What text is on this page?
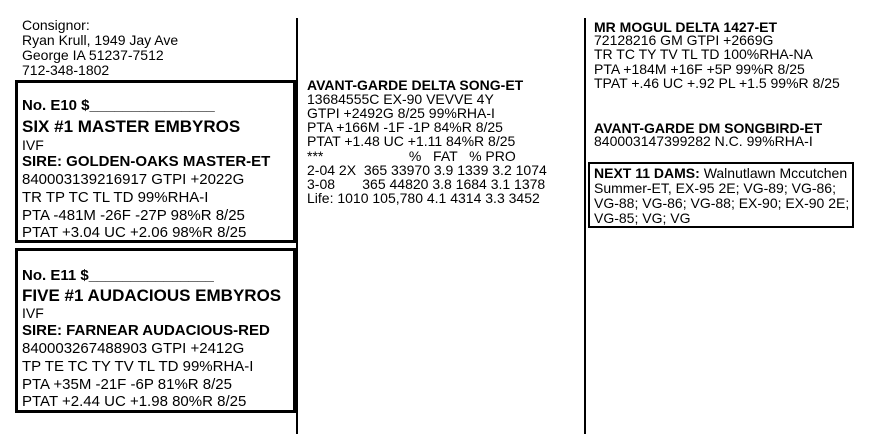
Consignor:
Ryan Krull, 1949 Jay Ave
George IA 51237-7512
712-348-1802
No. E10 $_______________
SIX #1 MASTER EMBYROS
IVF
SIRE: GOLDEN-OAKS MASTER-ET
840003139216917 GTPI +2022G
TR TP TC TL TD 99%RHA-I
PTA -481M -26F -27P 98%R 8/25
PTAT +3.04 UC +2.06 98%R 8/25
No. E11 $_______________
FIVE #1 AUDACIOUS EMBYROS
IVF
SIRE: FARNEAR AUDACIOUS-RED
840003267488903 GTPI +2412G
TP TE TC TY TV TL TD 99%RHA-I
PTA +35M -21F -6P 81%R 8/25
PTAT +2.44 UC +1.98 80%R 8/25
AVANT-GARDE DELTA SONG-ET
13684555C EX-90 VEVVE 4Y
GTPI +2492G 8/25 99%RHA-I
PTA +166M -1F -1P 84%R 8/25
PTAT +1.48 UC +1.11 84%R 8/25
***                      %   FAT   % PRO
2-04 2X  365 33970 3.9 1339 3.2 1074
3-08       365 44820 3.8 1684 3.1 1378
Life: 1010 105,780 4.1 4314 3.3 3452
MR MOGUL DELTA 1427-ET
72128216 GM GTPI +2669G
TR TC TY TV TL TD 100%RHA-NA
PTA +184M +16F +5P 99%R 8/25
TPAT +.46 UC +.92 PL +1.5 99%R 8/25
AVANT-GARDE DM SONGBIRD-ET
840003147399282 N.C. 99%RHA-I
NEXT 11 DAMS: Walnutlawn Mccutchen
Summer-ET, EX-95 2E; VG-89; VG-86;
VG-88; VG-86; VG-88; EX-90; EX-90 2E;
VG-85; VG; VG
